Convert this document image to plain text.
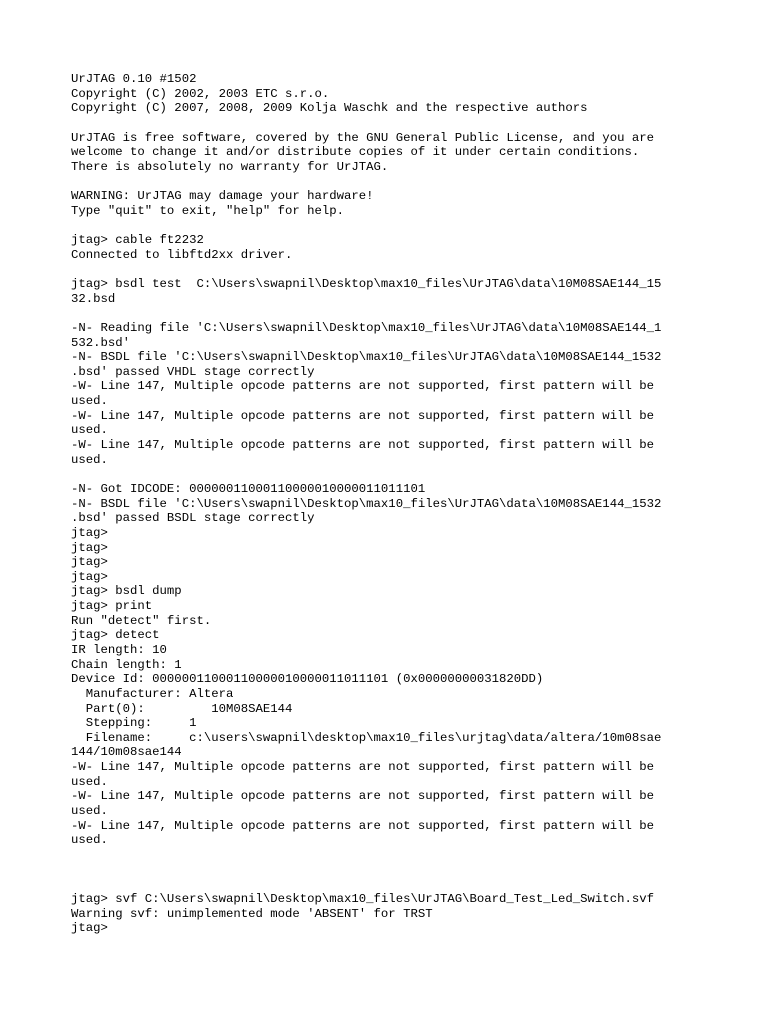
UrJTAG 0.10 #1502
Copyright (C) 2002, 2003 ETC s.r.o.
Copyright (C) 2007, 2008, 2009 Kolja Waschk and the respective authors
UrJTAG is free software, covered by the GNU General Public License, and you are
welcome to change it and/or distribute copies of it under certain conditions.
There is absolutely no warranty for UrJTAG.
WARNING: UrJTAG may damage your hardware!
Type "quit" to exit, "help" for help.
jtag> cable ft2232
Connected to libftd2xx driver.
jtag> bsdl test  C:\Users\swapnil\Desktop\max10_files\UrJTAG\data\10M08SAE144_15
32.bsd
-N- Reading file 'C:\Users\swapnil\Desktop\max10_files\UrJTAG\data\10M08SAE144_1
532.bsd'
-N- BSDL file 'C:\Users\swapnil\Desktop\max10_files\UrJTAG\data\10M08SAE144_1532
.bsd' passed VHDL stage correctly
-W- Line 147, Multiple opcode patterns are not supported, first pattern will be
used.
-W- Line 147, Multiple opcode patterns are not supported, first pattern will be
used.
-W- Line 147, Multiple opcode patterns are not supported, first pattern will be
used.
-N- Got IDCODE: 00000011000110000010000011011101
-N- BSDL file 'C:\Users\swapnil\Desktop\max10_files\UrJTAG\data\10M08SAE144_1532
.bsd' passed BSDL stage correctly
jtag>
jtag>
jtag>
jtag>
jtag> bsdl dump
jtag> print
Run "detect" first.
jtag> detect
IR length: 10
Chain length: 1
Device Id: 00000011000110000010000011011101 (0x00000000031820DD)
Manufacturer: Altera
Part(0):         10M08SAE144
Stepping:     1
Filename:     c:\users\swapnil\desktop\max10_files\urjtag\data/altera/10m08sae
144/10m08sae144
-W- Line 147, Multiple opcode patterns are not supported, first pattern will be
used.
-W- Line 147, Multiple opcode patterns are not supported, first pattern will be
used.
-W- Line 147, Multiple opcode patterns are not supported, first pattern will be
used.
jtag> svf C:\Users\swapnil\Desktop\max10_files\UrJTAG\Board_Test_Led_Switch.svf
Warning svf: unimplemented mode 'ABSENT' for TRST
jtag>
